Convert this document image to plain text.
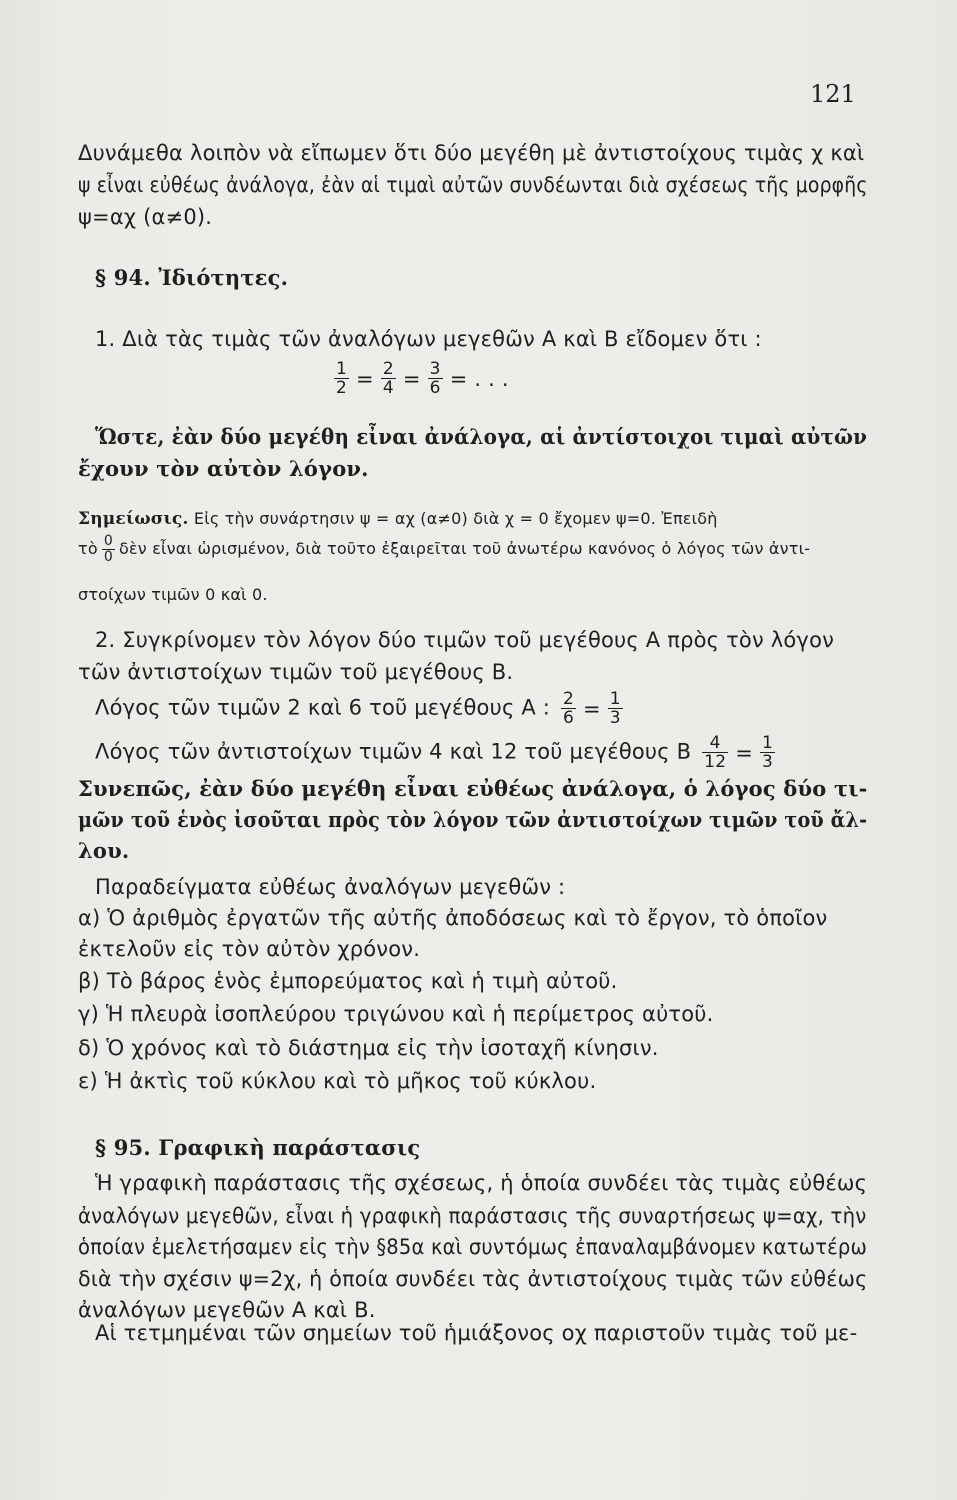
121
Δυνάμεθα λοιπὸν νὰ εἴπωμεν ὅτι δύο μεγέθη μὲ ἀντιστοίχους τιμὰς χ καὶ
ψ εἶναι εὐθέως ἀνάλογα, ἐὰν αἱ τιμαὶ αὐτῶν συνδέωνται διὰ σχέσεως τῆς μορφῆς
ψ=αχ (α≠0).
§ 94. Ἰδιότητες.
1. Διὰ τὰς τιμὰς τῶν ἀναλόγων μεγεθῶν Α καὶ Β εἴδομεν ὅτι :
$\frac{1}{2} = \frac{2}{4} = \frac{3}{6}$ = . . .
Ὥστε, ἐὰν δύο μεγέθη εἶναι ἀνάλογα, αἱ ἀντίστοιχοι τιμαὶ αὐτῶν
ἔχουν τὸν αὐτὸν λόγον.
Σημείωσις. Εἰς τὴν συνάρτησιν ψ = αχ (α≠0) διὰ χ = 0 ἔχομεν ψ=0. Ἐπειδὴ
τὸ $\frac{0}{0}$ δὲν εἶναι ὡρισμένον, διὰ τοῦτο ἐξαιρεῖται τοῦ ἀνωτέρω κανόνος ὁ λόγος τῶν ἀντι-
στοίχων τιμῶν 0 καὶ 0.
2. Συγκρίνομεν τὸν λόγον δύο τιμῶν τοῦ μεγέθους Α πρὸς τὸν λόγον
τῶν ἀντιστοίχων τιμῶν τοῦ μεγέθους Β.
Λόγος τῶν τιμῶν 2 καὶ 6 τοῦ μεγέθους Α : $\frac{2}{6} = \frac{1}{3}$
Λόγος τῶν ἀντιστοίχων τιμῶν 4 καὶ 12 τοῦ μεγέθους Β $\frac{4}{12} = \frac{1}{3}$
Συνεπῶς, ἐὰν δύο μεγέθη εἶναι εὐθέως ἀνάλογα, ὁ λόγος δύο τι-
μῶν τοῦ ἑνὸς ἰσοῦται πρὸς τὸν λόγον τῶν ἀντιστοίχων τιμῶν τοῦ ἄλ-
λου.
Παραδείγματα εὐθέως ἀναλόγων μεγεθῶν :
α) Ὁ ἀριθμὸς ἐργατῶν τῆς αὐτῆς ἀποδόσεως καὶ τὸ ἔργον, τὸ ὁποῖον
ἐκτελοῦν εἰς τὸν αὐτὸν χρόνον.
β) Τὸ βάρος ἑνὸς ἐμπορεύματος καὶ ἡ τιμὴ αὐτοῦ.
γ) Ἡ πλευρὰ ἰσοπλεύρου τριγώνου καὶ ἡ περίμετρος αὐτοῦ.
δ) Ὁ χρόνος καὶ τὸ διάστημα εἰς τὴν ἰσοταχῆ κίνησιν.
ε) Ἡ ἀκτὶς τοῦ κύκλου καὶ τὸ μῆκος τοῦ κύκλου.
§ 95. Γραφικὴ παράστασις
Ἡ γραφικὴ παράστασις τῆς σχέσεως, ἡ ὁποία συνδέει τὰς τιμὰς εὐθέως
ἀναλόγων μεγεθῶν, εἶναι ἡ γραφικὴ παράστασις τῆς συναρτήσεως ψ=αχ, τὴν
ὁποίαν ἐμελετήσαμεν εἰς τὴν §85α καὶ συντόμως ἐπαναλαμβάνομεν κατωτέρω
διὰ τὴν σχέσιν ψ=2χ, ἡ ὁποία συνδέει τὰς ἀντιστοίχους τιμὰς τῶν εὐθέως
ἀναλόγων μεγεθῶν Α καὶ Β.
Αἱ τετμημέναι τῶν σημείων τοῦ ἡμιάξονος οχ παριστοῦν τιμὰς τοῦ με-
